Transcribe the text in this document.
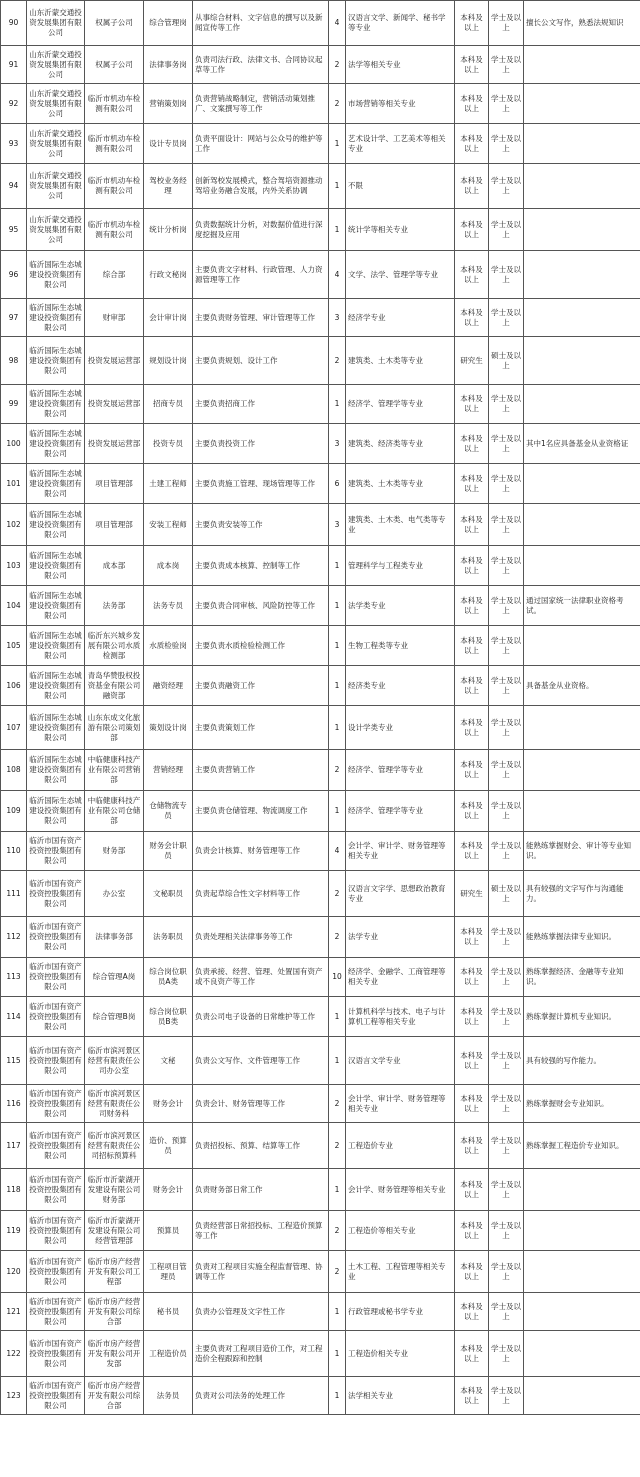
90	山东沂蒙交通投资发展集团有限公司	权属子公司	综合管理岗	从事综合材料、文字信息的撰写以及新闻宣传等工作	4	汉语言文学、新闻学、秘书学等专业	本科及以上	学士及以上	擅长公文写作，熟悉法规知识
91	山东沂蒙交通投资发展集团有限公司	权属子公司	法律事务岗	负责司法行政、法律文书、合同协议起草等工作	2	法学等相关专业	本科及以上	学士及以上	
92	山东沂蒙交通投资发展集团有限公司	临沂市机动车检测有限公司	营销策划岗	负责营销战略制定，营销活动策划推广、文案撰写等工作	2	市场营销等相关专业	本科及以上	学士及以上	
93	山东沂蒙交通投资发展集团有限公司	临沂市机动车检测有限公司	设计专员岗	负责平面设计：网站与公众号的维护等工作	1	艺术设计学、工艺美术等相关专业	本科及以上	学士及以上	
94	山东沂蒙交通投资发展集团有限公司	临沂市机动车检测有限公司	驾校业务经理	创新驾校发展模式，整合驾培资源推动驾培业务融合发展，内外关系协调	1	不限	本科及以上	学士及以上	
95	山东沂蒙交通投资发展集团有限公司	临沂市机动车检测有限公司	统计分析岗	负责数据统计分析，对数据价值进行深度挖掘及应用	1	统计学等相关专业	本科及以上	学士及以上	
96	临沂国际生态城建设投资集团有限公司	综合部	行政文秘岗	主要负责文字材料、行政管理、人力资源管理等工作	4	文学、法学、管理学等专业	本科及以上	学士及以上	
97	临沂国际生态城建设投资集团有限公司	财审部	会计审计岗	主要负责财务管理、审计管理等工作	3	经济学专业	本科及以上	学士及以上	
98	临沂国际生态城建设投资集团有限公司	投资发展运营部	规划设计岗	主要负责规划、设计工作	2	建筑类、土木类等专业	研究生	硕士及以上	
99	临沂国际生态城建设投资集团有限公司	投资发展运营部	招商专员	主要负责招商工作	1	经济学、管理学等专业	本科及以上	学士及以上	
100	临沂国际生态城建设投资集团有限公司	投资发展运营部	投资专员	主要负责投资工作	3	建筑类、经济类等专业	本科及以上	学士及以上	其中1名应具备基金从业资格证
101	临沂国际生态城建设投资集团有限公司	项目管理部	土建工程师	主要负责施工管理、现场管理等工作	6	建筑类、土木类等专业	本科及以上	学士及以上	
102	临沂国际生态城建设投资集团有限公司	项目管理部	安装工程师	主要负责安装等工作	3	建筑类、土木类、电气类等专业	本科及以上	学士及以上	
103	临沂国际生态城建设投资集团有限公司	成本部	成本岗	主要负责成本核算、控制等工作	1	管理科学与工程类专业	本科及以上	学士及以上	
104	临沂国际生态城建设投资集团有限公司	法务部	法务专员	主要负责合同审核、风险防控等工作	1	法学类专业	本科及以上	学士及以上	通过国家统一法律职业资格考试。
105	临沂国际生态城建设投资集团有限公司	临沂东兴城乡发展有限公司水质检测部	水质检验岗	主要负责水质检验检测工作	1	生物工程类等专业	本科及以上	学士及以上	
106	临沂国际生态城建设投资集团有限公司	青岛华赞股权投资基金有限公司融资部	融资经理	主要负责融资工作	1	经济类专业	本科及以上	学士及以上	具备基金从业资格。
107	临沂国际生态城建设投资集团有限公司	山东东成文化旅游有限公司策划部	策划设计岗	主要负责策划工作	1	设计学类专业	本科及以上	学士及以上	
108	临沂国际生态城建设投资集团有限公司	中临健康科技产业有限公司营销部	营销经理	主要负责营销工作	2	经济学、管理学等专业	本科及以上	学士及以上	
109	临沂国际生态城建设投资集团有限公司	中临健康科技产业有限公司仓储部	仓储物流专员	主要负责仓储管理、物流调度工作	1	经济学、管理学等专业	本科及以上	学士及以上	
110	临沂市国有资产投资控股集团有限公司	财务部	财务会计职员	负责会计核算、财务管理等工作	4	会计学、审计学、财务管理等相关专业	本科及以上	学士及以上	能熟练掌握财会、审计等专业知识。
111	临沂市国有资产投资控股集团有限公司	办公室	文秘职员	负责起草综合性文字材料等工作	2	汉语言文字学、思想政治教育专业	研究生	硕士及以上	具有较强的文字写作与沟通能力。
112	临沂市国有资产投资控股集团有限公司	法律事务部	法务职员	负责处理相关法律事务等工作	2	法学专业	本科及以上	学士及以上	能熟练掌握法律专业知识。
113	临沂市国有资产投资控股集团有限公司	综合管理A岗	综合岗位职员A类	负责承接、经营、管理、处置国有资产或不良资产等工作	10	经济学、金融学、工商管理等相关专业	本科及以上	学士及以上	熟练掌握经济、金融等专业知识。
114	临沂市国有资产投资控股集团有限公司	综合管理B岗	综合岗位职员B类	负责公司电子设备的日常维护等工作	1	计算机科学与技术、电子与计算机工程等相关专业	本科及以上	学士及以上	熟练掌握计算机专业知识。
115	临沂市国有资产投资控股集团有限公司	临沂市滨河景区经营有限责任公司办公室	文秘	负责公文写作、文件管理等工作	1	汉语言文学专业	本科及以上	学士及以上	具有较强的写作能力。
116	临沂市国有资产投资控股集团有限公司	临沂市滨河景区经营有限责任公司财务科	财务会计	负责会计、财务管理等工作	2	会计学、审计学、财务管理等相关专业	本科及以上	学士及以上	熟练掌握财会专业知识。
117	临沂市国有资产投资控股集团有限公司	临沂市滨河景区经营有限责任公司招标预算科	造价、预算员	负责招投标、预算、结算等工作	2	工程造价专业	本科及以上	学士及以上	熟练掌握工程造价专业知识。
118	临沂市国有资产投资控股集团有限公司	临沂市沂蒙湖开发建设有限公司财务部	财务会计	负责财务部日常工作	1	会计学、财务管理等相关专业	本科及以上	学士及以上	
119	临沂市国有资产投资控股集团有限公司	临沂市沂蒙湖开发建设有限公司经营管理部	预算员	负责经营部日常招投标、工程造价预算等工作	2	工程造价等相关专业	本科及以上	学士及以上	
120	临沂市国有资产投资控股集团有限公司	临沂市房产经营开发有限公司工程部	工程项目管理员	负责对工程项目实施全程监督管理、协调等工作	2	土木工程、工程管理等相关专业	本科及以上	学士及以上	
121	临沂市国有资产投资控股集团有限公司	临沂市房产经营开发有限公司综合部	秘书员	负责办公管理及文字性工作	1	行政管理或秘书学专业	本科及以上	学士及以上	
122	临沂市国有资产投资控股集团有限公司	临沂市房产经营开发有限公司开发部	工程造价员	主要负责对工程项目造价工作，对工程造价全程跟踪和控制	1	工程造价相关专业	本科及以上	学士及以上	
123	临沂市国有资产投资控股集团有限公司	临沂市房产经营开发有限公司综合部	法务员	负责对公司法务的处理工作	1	法学相关专业	本科及以上	学士及以上	
